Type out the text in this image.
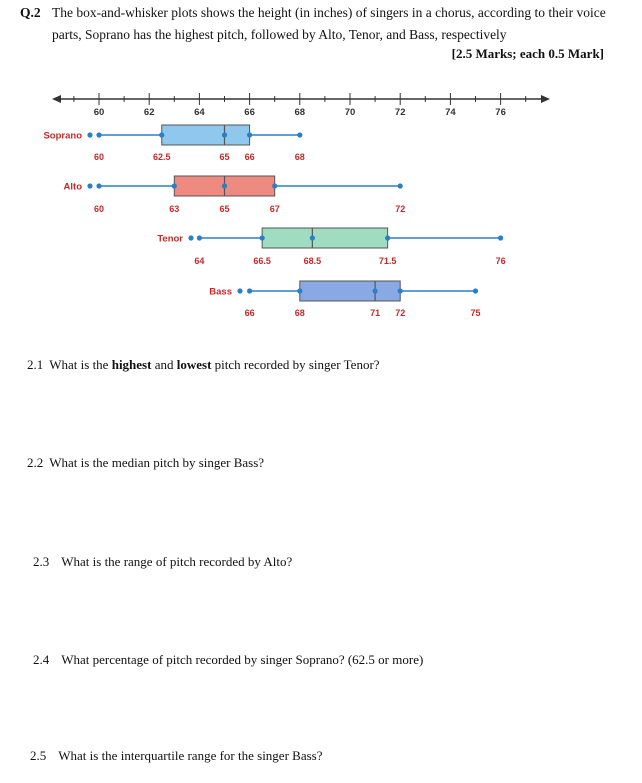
Q.2 The box-and-whisker plots shows the height (in inches) of singers in a chorus, according to their voice parts, Soprano has the highest pitch, followed by Alto, Tenor, and Bass, respectively
[2.5 Marks; each 0.5 Mark]
60	62	64	66	68	70	72	74	76
Soprano
60	62.5	65 66	68
Alto
60	63	65	67	72
Tenor
64	66.5	68.5	71.5	76
Bass
66	68	71 72	75
2.1 What is the highest and lowest pitch recorded by singer Tenor?
2.2 What is the median pitch by singer Bass?
2.3 What is the range of pitch recorded by Alto?
2.4 What percentage of pitch recorded by singer Soprano? (62.5 or more)
2.5 What is the interquartile range for the singer Bass?
